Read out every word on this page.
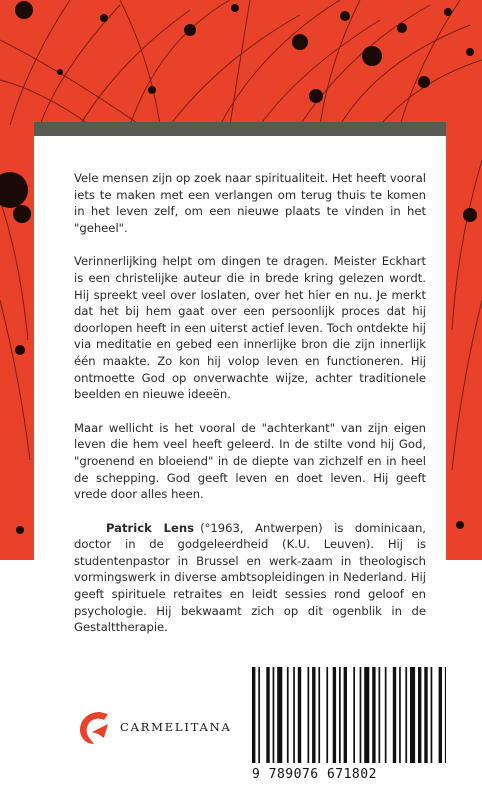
Vele mensen zijn op zoek naar spiritualiteit. Het heeft vooral iets te maken met een verlangen om terug thuis te komen in het leven zelf, om een nieuwe plaats te vinden in het "geheel".

Verinnerlijking helpt om dingen te dragen. Meister Eckhart is een christelijke auteur die in brede kring gelezen wordt. Hij spreekt veel over loslaten, over het hier en nu. Je merkt dat het bij hem gaat over een persoonlijk proces dat hij doorlopen heeft in een uiterst actief leven. Toch ontdekte hij via meditatie en gebed een innerlijke bron die zijn innerlijk één maakte. Zo kon hij volop leven en functioneren. Hij ontmoette God op onverwachte wijze, achter traditionele beelden en nieuwe ideeën.

Maar wellicht is het vooral de "achterkant" van zijn eigen leven die hem veel heeft geleerd. In de stilte vond hij God, "groenend en bloeiend" in de diepte van zichzelf en in heel de schepping. God geeft leven en doet leven. Hij geeft vrede door alles heen.

Patrick Lens (°1963, Antwerpen) is dominicaan, doctor in de godgeleerdheid (K.U. Leuven). Hij is studentenpastor in Brussel en werk-zaam in theologisch vormingswerk in diverse ambtsopleidingen in Nederland. Hij geeft spirituele retraites en leidt sessies rond geloof en psychologie. Hij bekwaamt zich op dit ogenblik in de Gestalttherapie.

CARMELITANA
9 789076 671802
